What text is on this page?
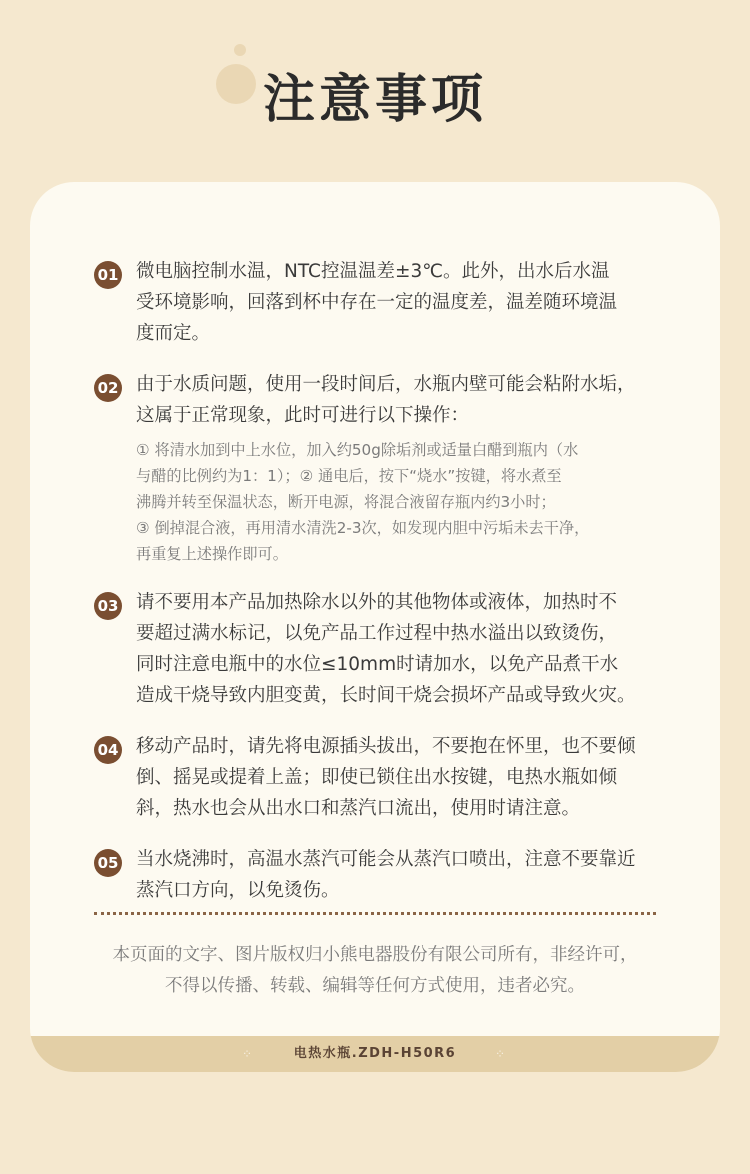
注意事项
01 微电脑控制水温，NTC控温温差±3℃。此外，出水后水温
受环境影响，回落到杯中存在一定的温度差，温差随环境温
度而定。
02 由于水质问题，使用一段时间后，水瓶内壁可能会粘附水垢，
这属于正常现象，此时可进行以下操作：
① 将清水加到中上水位，加入约50g除垢剂或适量白醋到瓶内（水
与醋的比例约为1：1）；② 通电后，按下“烧水”按键，将水煮至
沸腾并转至保温状态，断开电源，将混合液留存瓶内约3小时；
③ 倒掉混合液，再用清水清洗2-3次，如发现内胆中污垢未去干净，
再重复上述操作即可。
03 请不要用本产品加热除水以外的其他物体或液体，加热时不
要超过满水标记，以免产品工作过程中热水溢出以致烫伤，
同时注意电瓶中的水位≤10mm时请加水，以免产品煮干水
造成干烧导致内胆变黄，长时间干烧会损坏产品或导致火灾。
04 移动产品时，请先将电源插头拔出，不要抱在怀里，也不要倾
倒、摇晃或提着上盖；即使已锁住出水按键，电热水瓶如倾
斜，热水也会从出水口和蒸汽口流出，使用时请注意。
05 当水烧沸时，高温水蒸汽可能会从蒸汽口喷出，注意不要靠近
蒸汽口方向，以免烫伤。
本页面的文字、图片版权归小熊电器股份有限公司所有，非经许可，
不得以传播、转载、编辑等任何方式使用，违者必究。
⁘	电热水瓶.ZDH-H50R6	⁘
